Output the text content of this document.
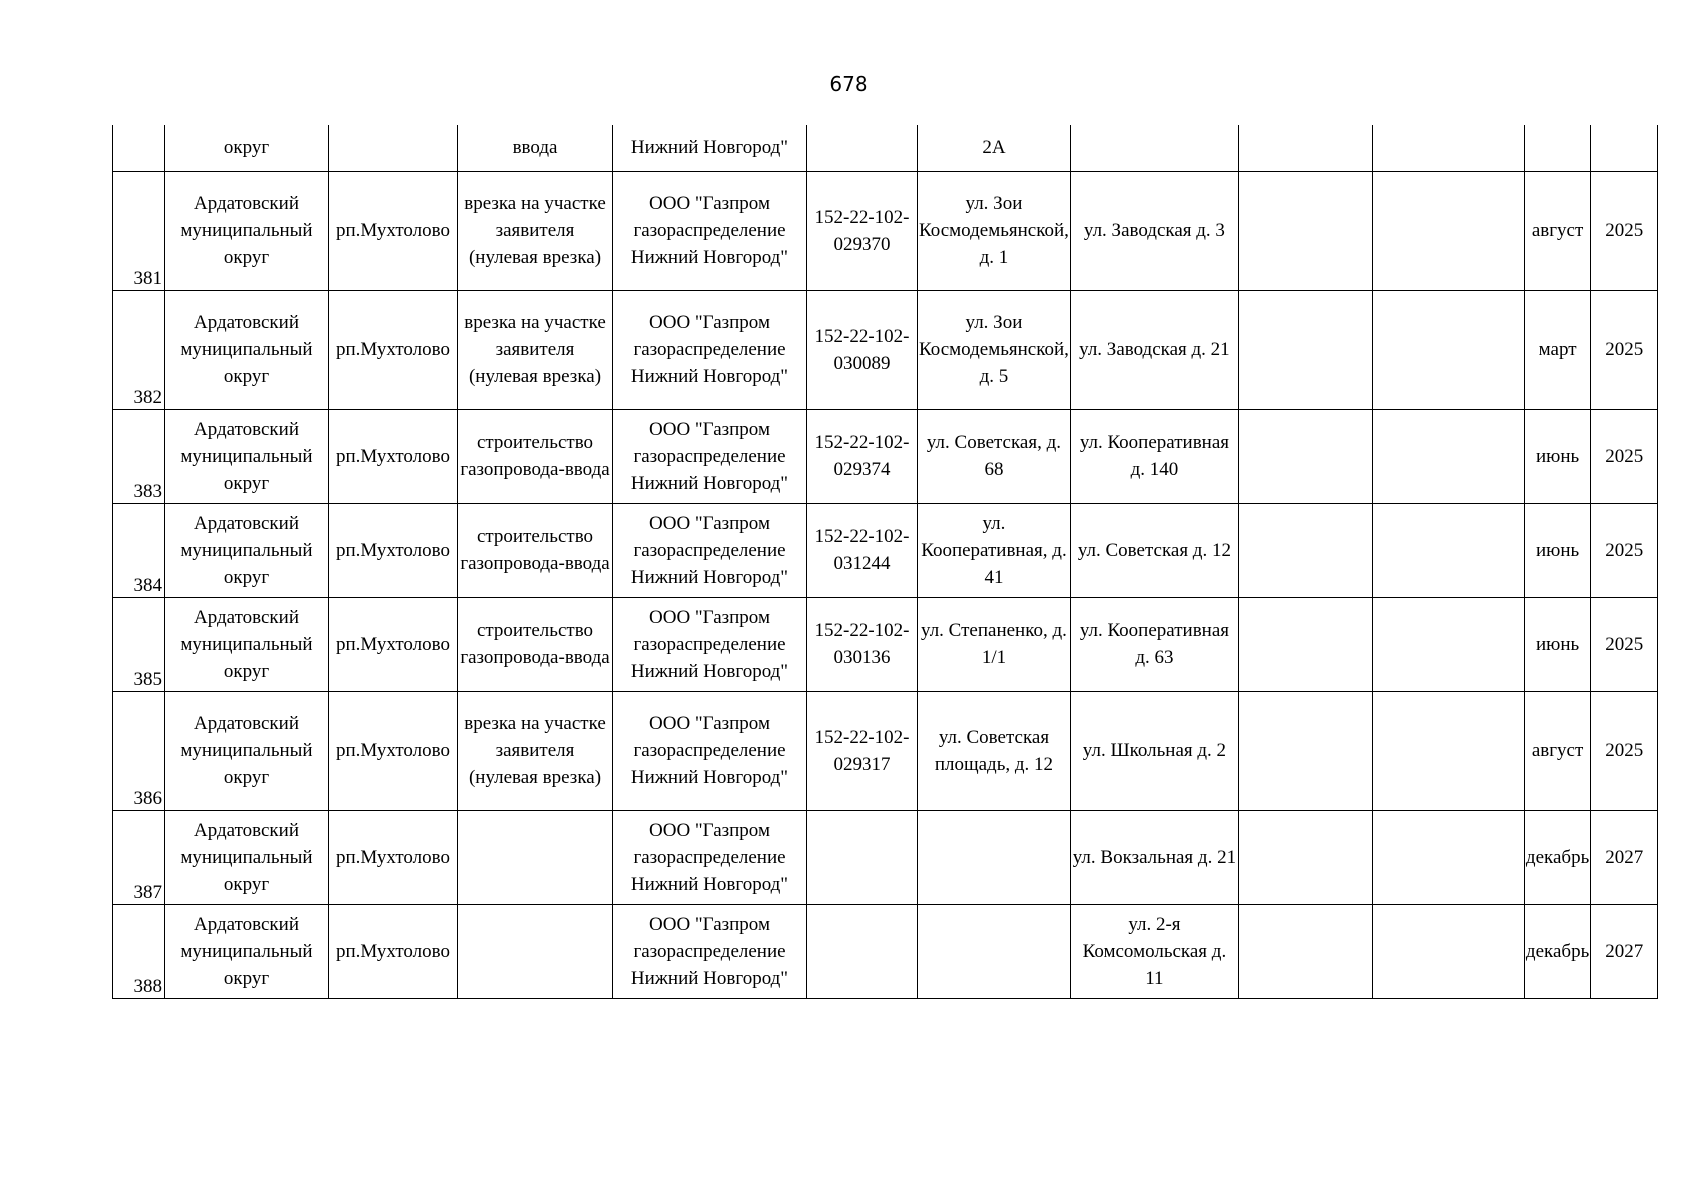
678
	округ		ввода	Нижний Новгород"		2А					
381	Ардатовский муниципальный округ	рп.Мухтолово	врезка на участке заявителя (нулевая врезка)	ООО "Газпром газораспределение Нижний Новгород"	152-22-102-029370	ул. Зои Космодемьянской, д. 1	ул. Заводская д. 3			август	2025
382	Ардатовский муниципальный округ	рп.Мухтолово	врезка на участке заявителя (нулевая врезка)	ООО "Газпром газораспределение Нижний Новгород"	152-22-102-030089	ул. Зои Космодемьянской, д. 5	ул. Заводская д. 21			март	2025
383	Ардатовский муниципальный округ	рп.Мухтолово	строительство газопровода-ввода	ООО "Газпром газораспределение Нижний Новгород"	152-22-102-029374	ул. Советская, д. 68	ул. Кооперативная д. 140			июнь	2025
384	Ардатовский муниципальный округ	рп.Мухтолово	строительство газопровода-ввода	ООО "Газпром газораспределение Нижний Новгород"	152-22-102-031244	ул. Кооперативная, д. 41	ул. Советская д. 12			июнь	2025
385	Ардатовский муниципальный округ	рп.Мухтолово	строительство газопровода-ввода	ООО "Газпром газораспределение Нижний Новгород"	152-22-102-030136	ул. Степаненко, д. 1/1	ул. Кооперативная д. 63			июнь	2025
386	Ардатовский муниципальный округ	рп.Мухтолово	врезка на участке заявителя (нулевая врезка)	ООО "Газпром газораспределение Нижний Новгород"	152-22-102-029317	ул. Советская площадь, д. 12	ул. Школьная д. 2			август	2025
387	Ардатовский муниципальный округ	рп.Мухтолово		ООО "Газпром газораспределение Нижний Новгород"			ул. Вокзальная д. 21			декабрь	2027
388	Ардатовский муниципальный округ	рп.Мухтолово		ООО "Газпром газораспределение Нижний Новгород"			ул. 2-я Комсомольская д. 11			декабрь	2027
